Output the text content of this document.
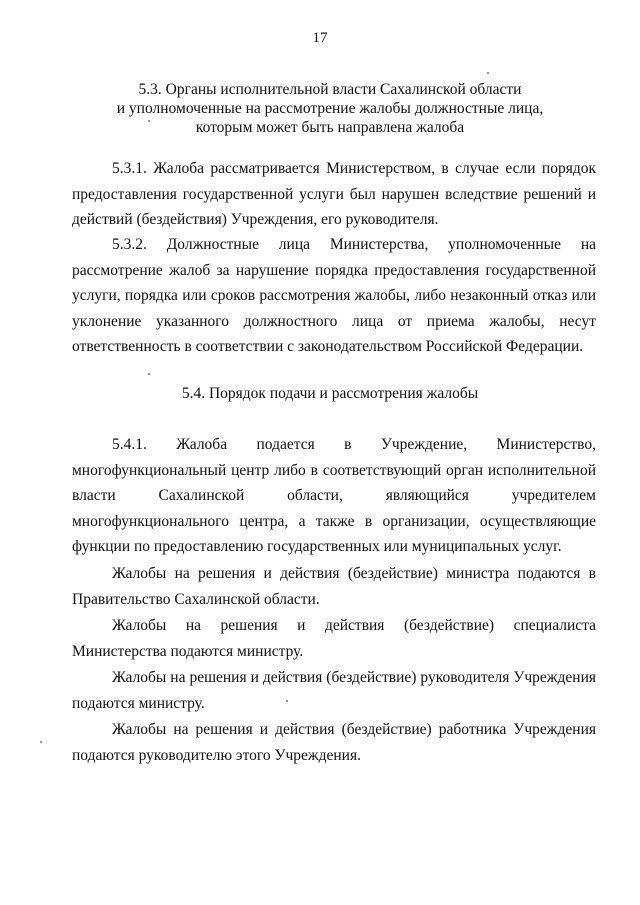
17
5.3. Органы исполнительной власти Сахалинской области
и уполномоченные на рассмотрение жалобы должностные лица,
которым может быть направлена жалоба

5.3.1. Жалоба рассматривается Министерством, в случае если порядок предоставления государственной услуги был нарушен вследствие решений и действий (бездействия) Учреждения, его руководителя.

5.3.2. Должностные лица Министерства, уполномоченные на рассмотрение жалоб за нарушение порядка предоставления государственной услуги, порядка или сроков рассмотрения жалобы, либо незаконный отказ или уклонение указанного должностного лица от приема жалобы, несут ответственность в соответствии с законодательством Российской Федерации.

5.4. Порядок подачи и рассмотрения жалобы

5.4.1. Жалоба подается в Учреждение, Министерство, многофункциональный центр либо в соответствующий орган исполнительной власти Сахалинской области, являющийся учредителем многофункционального центра, а также в организации, осуществляющие функции по предоставлению государственных или муниципальных услуг.

Жалобы на решения и действия (бездействие) министра подаются в Правительство Сахалинской области.

Жалобы на решения и действия (бездействие) специалиста Министерства подаются министру.

Жалобы на решения и действия (бездействие) руководителя Учреждения подаются министру.

Жалобы на решения и действия (бездействие) работника Учреждения подаются руководителю этого Учреждения.
